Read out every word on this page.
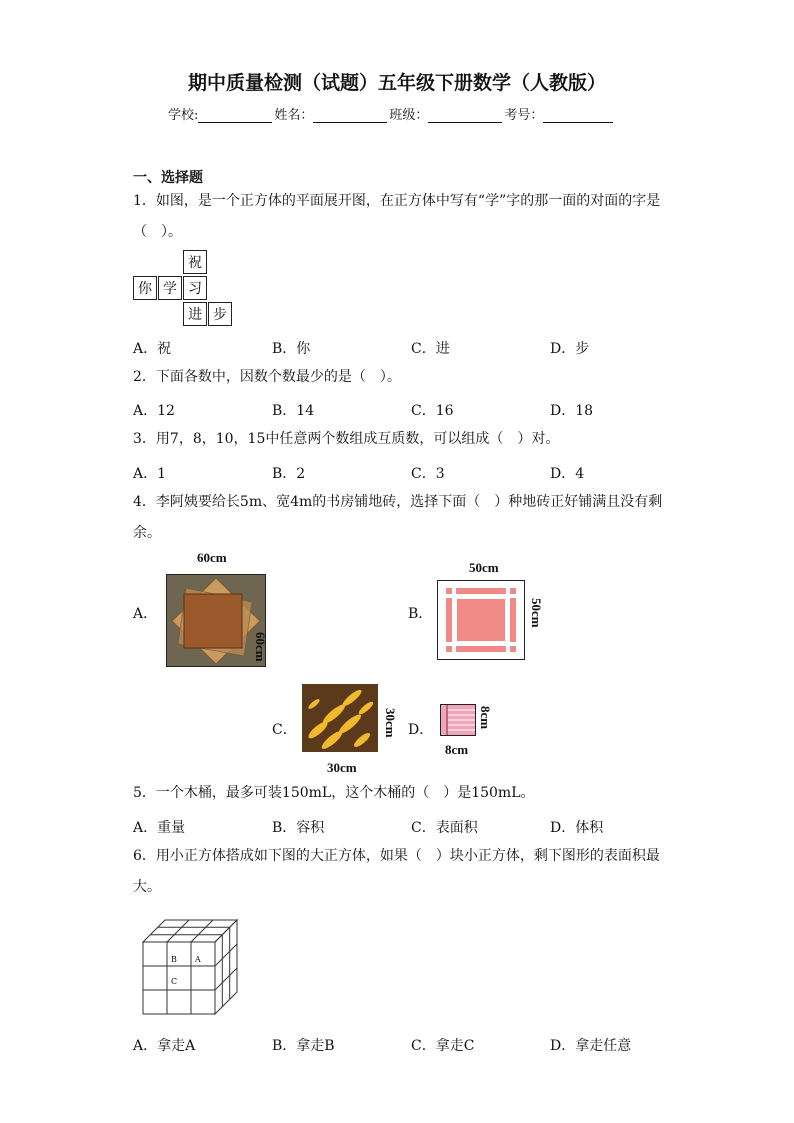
期中质量检测（试题）五年级下册数学（人教版）
学校:	姓名：	班级：	考号：
一、选择题
1．如图，是一个正方体的平面展开图，在正方体中写有“学”字的那一面的对面的字是（　）。
祝
你 学 习
进 步
A．祝	B．你	C．进	D．步
2．下面各数中，因数个数最少的是（　）。
A．12	B．14	C．16	D．18
3．用7，8，10，15中任意两个数组成互质数，可以组成（　）对。
A．1	B．2	C．3	D．4
4．李阿姨要给长5m、宽4m的书房铺地砖，选择下面（　）种地砖正好铺满且没有剩余。
A．
60cm
60cm
B．
50cm
50cm
C．	30cm
30cm
D．
8cm
8cm
5．一个木桶，最多可装150mL，这个木桶的（　）是150mL。
A．重量	B．容积	C．表面积	D．体积
6．用小正方体搭成如下图的大正方体，如果（　）块小正方体，剩下图形的表面积最大。
B A
C
A．拿走A	B．拿走B	C．拿走C	D．拿走任意
